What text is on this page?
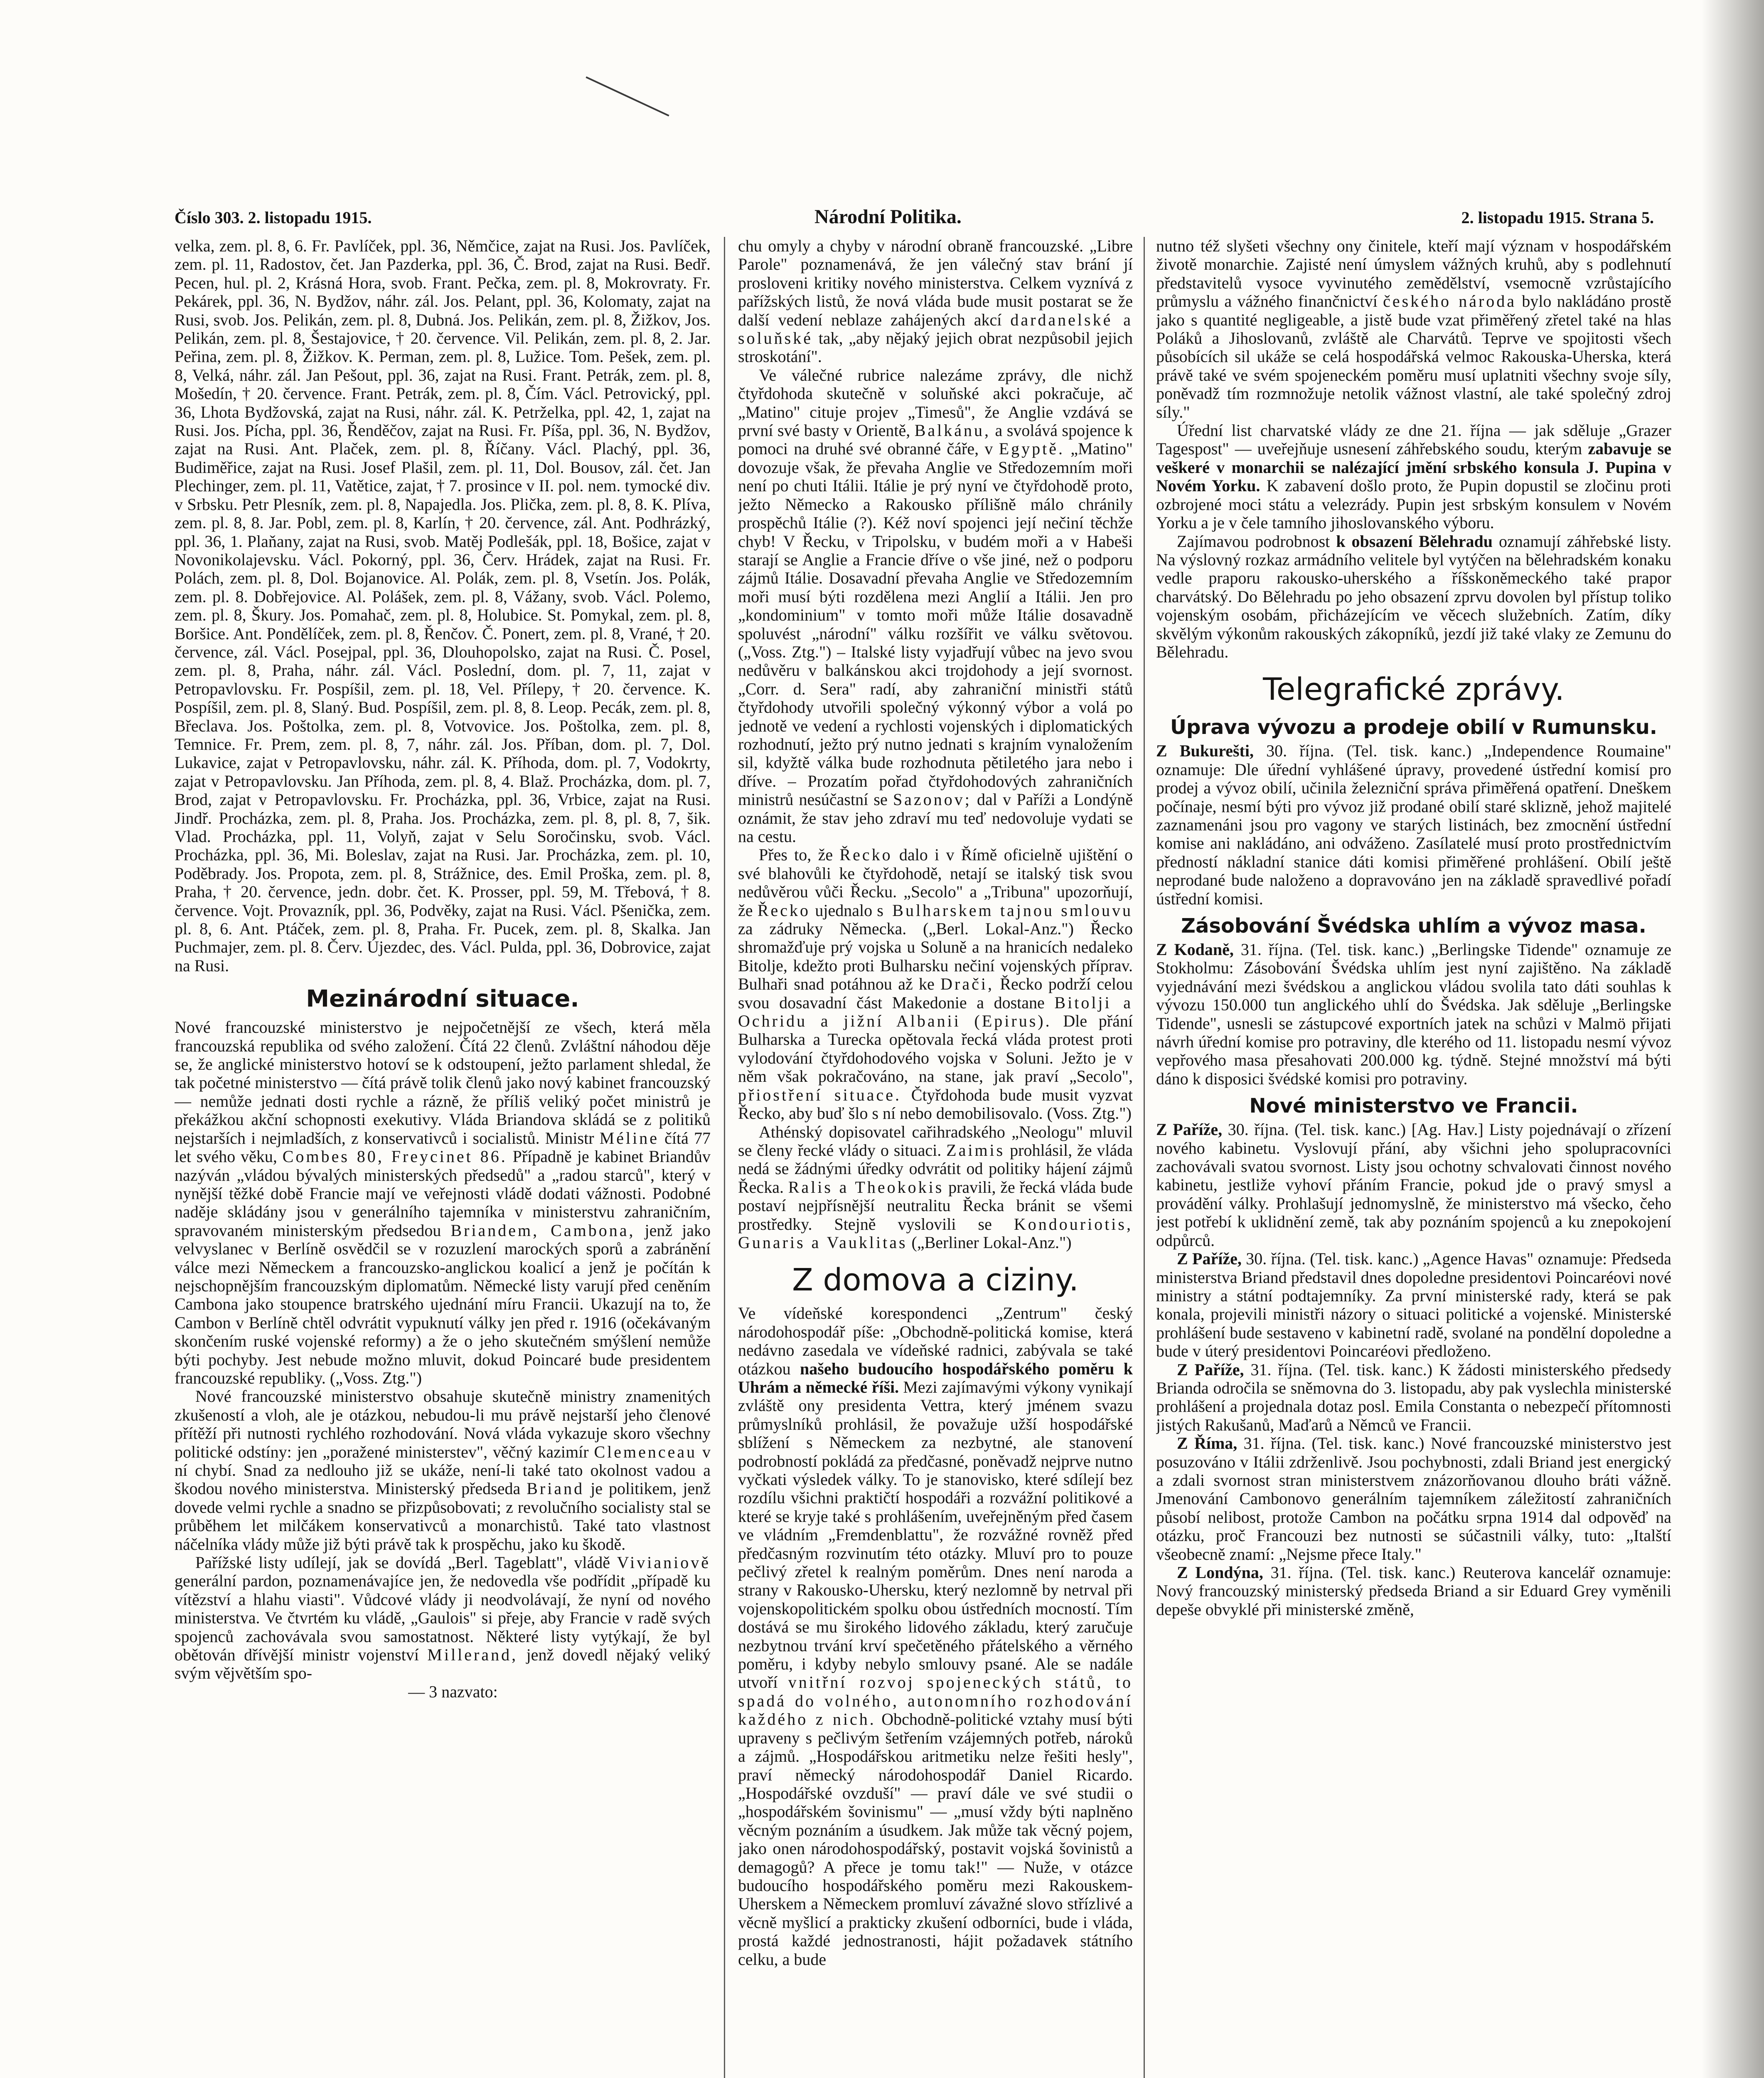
Číslo 303. 2. listopadu 1915.	Národní Politika.	2. listopadu 1915. Strana 5.

velka, zem. pl. 8, 6. Fr. Pavlíček, ppl. 36, Němčice, zajat na Rusi. Jos. Pavlíček, zem. pl. 11, Radostov, čet. Jan Pazderka, ppl. 36, Č. Brod, zajat na Rusi. Bedř. Pecen, hul. pl. 2, Krásná Hora, svob. Frant. Pečka, zem. pl. 8, Mokrovraty. Fr. Pekárek, ppl. 36, N. Bydžov, náhr. zál. Jos. Pelant, ppl. 36, Kolomaty, zajat na Rusi, svob. Jos. Pelikán, zem. pl. 8, Dubná. Jos. Pelikán, zem. pl. 8, Žižkov, Jos. Pelikán, zem. pl. 8, Šestajovice, † 20. července. Vil. Pelikán, zem. pl. 8, 2. Jar. Peřina, zem. pl. 8, Žižkov. K. Perman, zem. pl. 8, Lužice. Tom. Pešek, zem. pl. 8, Velká, náhr. zál. Jan Pešout, ppl. 36, zajat na Rusi. Frant. Petrák, zem. pl. 8, Mošedín, † 20. července. Frant. Petrák, zem. pl. 8, Čím. Václ. Petrovický, ppl. 36, Lhota Bydžovská, zajat na Rusi, náhr. zál. K. Petrželka, ppl. 42, 1, zajat na Rusi. Jos. Pícha, ppl. 36, Řenděčov, zajat na Rusi. Fr. Píša, ppl. 36, N. Bydžov, zajat na Rusi. Ant. Plaček, zem. pl. 8, Říčany. Václ. Plachý, ppl. 36, Budiměřice, zajat na Rusi. Josef Plašil, zem. pl. 11, Dol. Bousov, zál. čet. Jan Plechinger, zem. pl. 11, Vatětice, zajat, † 7. prosince v II. pol. nem. tymocké div. v Srbsku. Petr Plesník, zem. pl. 8, Napajedla. Jos. Plička, zem. pl. 8, 8. K. Plíva, zem. pl. 8, 8. Jar. Pobl, zem. pl. 8, Karlín, † 20. července, zál. Ant. Podhrázký, ppl. 36, 1. Plaňany, zajat na Rusi, svob. Matěj Podlešák, ppl. 18, Bošice, zajat v Novonikolajevsku. Václ. Pokorný, ppl. 36, Červ. Hrádek, zajat na Rusi. Fr. Polách, zem. pl. 8, Dol. Bojanovice. Al. Polák, zem. pl. 8, Vsetín. Jos. Polák, zem. pl. 8. Dobřejovice. Al. Polášek, zem. pl. 8, Vážany, svob. Václ. Polemo, zem. pl. 8, Škury. Jos. Pomahač, zem. pl. 8, Holubice. St. Pomykal, zem. pl. 8, Boršice. Ant. Pondělíček, zem. pl. 8, Řenčov. Č. Ponert, zem. pl. 8, Vrané, † 20. července, zál. Václ. Posejpal, ppl. 36, Dlouhopolsko, zajat na Rusi. Č. Posel, zem. pl. 8, Praha, náhr. zál. Václ. Poslední, dom. pl. 7, 11, zajat v Petropavlovsku. Fr. Pospíšil, zem. pl. 18, Vel. Přílepy, † 20. července. K. Pospíšil, zem. pl. 8, Slaný. Bud. Pospíšil, zem. pl. 8, 8. Leop. Pecák, zem. pl. 8, Břeclava. Jos. Poštolka, zem. pl. 8, Votvovice. Jos. Poštolka, zem. pl. 8, Temnice. Fr. Prem, zem. pl. 8, 7, náhr. zál. Jos. Příban, dom. pl. 7, Dol. Lukavice, zajat v Petropavlovsku, náhr. zál. K. Příhoda, dom. pl. 7, Vodokrty, zajat v Petropavlovsku. Jan Příhoda, zem. pl. 8, 4. Blaž. Procházka, dom. pl. 7, Brod, zajat v Petropavlovsku. Fr. Procházka, ppl. 36, Vrbice, zajat na Rusi. Jindř. Procházka, zem. pl. 8, Praha. Jos. Procházka, zem. pl. 8, pl. 8, 7, šik. Vlad. Procházka, ppl. 11, Volyň, zajat v Selu Soročinsku, svob. Václ. Procházka, ppl. 36, Mi. Boleslav, zajat na Rusi. Jar. Procházka, zem. pl. 10, Poděbrady. Jos. Propota, zem. pl. 8, Strážnice, des. Emil Proška, zem. pl. 8, Praha, † 20. července, jedn. dobr. čet. K. Prosser, ppl. 59, M. Třebová, † 8. července. Vojt. Provazník, ppl. 36, Podvěky, zajat na Rusi. Václ. Pšenička, zem. pl. 8, 6. Ant. Ptáček, zem. pl. 8, Praha. Fr. Pucek, zem. pl. 8, Skalka. Jan Puchmajer, zem. pl. 8. Červ. Újezdec, des. Václ. Pulda, ppl. 36, Dobrovice, zajat na Rusi.

Mezinárodní situace.

Nové francouzské ministerstvo je nejpočetnější ze všech, která měla francouzská republika od svého založení. Čítá 22 členů. Zvláštní náhodou děje se, že anglické ministerstvo hotoví se k odstoupení, ježto parlament shledal, že tak početné ministerstvo — čítá právě tolik členů jako nový kabinet francouzský — nemůže jednati dosti rychle a rázně, že příliš veliký počet ministrů je překážkou akční schopnosti exekutivy. Vláda Briandova skládá se z politiků nejstarších i nejmladších, z konservativců i socialistů. Ministr Méline čítá 77 let svého věku, Combes 80, Freycinet 86. Případně je kabinet Briandův nazýván „vládou bývalých ministerských předsedů" a „radou starců", který v nynější těžké době Francie mají ve veřejnosti vládě dodati vážnosti. Podobné naděje skládány jsou v generálního tajemníka v ministerstvu zahraničním, spravovaném ministerským předsedou Briandem, Cambona, jenž jako velvyslanec v Berlíně osvědčil se v rozuzlení marockých sporů a zabránění válce mezi Německem a francouzsko-anglickou koalicí a jenž je počítán k nejschopnějším francouzským diplomatům. Německé listy varují před ceněním Cambona jako stoupence bratrského ujednání míru Francii. Ukazují na to, že Cambon v Berlíně chtěl odvrátit vypuknutí války jen před r. 1916 (očekávaným skončením ruské vojenské reformy) a že o jeho skutečném smýšlení nemůže býti pochyby. Jest nebude možno mluvit, dokud Poincaré bude presidentem francouzské republiky. („Voss. Ztg.")

Nové francouzské ministerstvo obsahuje skutečně ministry znamenitých zkušeností a vloh, ale je otázkou, nebudou-li mu právě nejstarší jeho členové přítěží při nutnosti rychlého rozhodování. Nová vláda vykazuje skoro všechny politické odstíny: jen „poražené ministerstev", věčný kazimír Clemenceau v ní chybí. Snad za nedlouho již se ukáže, není-li také tato okolnost vadou a škodou nového ministerstva. Ministerský předseda Briand je politikem, jenž dovede velmi rychle a snadno se přizpůsobovati; z revolučního socialisty stal se průběhem let milčákem konservativců a monarchistů. Také tato vlastnost náčelníka vlády může již býti právě tak k prospěchu, jako ku škodě.

Pařížské listy udílejí, jak se dovídá „Berl. Tageblatt", vládě Vivianiově generální pardon, poznamenávajíce jen, že nedovedla vše podřídit „případě ku vítězství a hlahu viasti". Vůdcové vlády ji neodvolávají, že nyní od nového ministerstva. Ve čtvrtém ku vládě, „Gaulois" si přeje, aby Francie v radě svých spojenců zachovávala svou samostatnost. Některé listy vytýkají, že byl obětován dřívější ministr vojenství Millerand, jenž dovedl nějaký veliký svým vějvětším spo-

— 3 nazvato:

chu omyly a chyby v národní obraně francouzské. „Libre Parole" poznamenává, že jen válečný stav brání jí prosloveni kritiky nového ministerstva. Celkem vyznívá z pařížských listů, že nová vláda bude musit postarat se že další vedení neblaze zahájených akcí dardanelské a soluňské tak, „aby nějaký jejich obrat nezpůsobil jejich stroskotání".

Ve válečné rubrice nalezáme zprávy, dle nichž čtyřdohoda skutečně v soluňské akci pokračuje, ač „Matino" cituje projev „Timesů", že Anglie vzdává se první své basty v Orientě, Balkánu, a svolává spojence k pomoci na druhé své obranné čáře, v Egyptě. „Matino" dovozuje však, že převaha Anglie ve Středozemním moři není po chuti Itálii. Itálie je prý nyní ve čtyřdohodě proto, ježto Německo a Rakousko přílišně málo chránily prospěchů Itálie (?). Kéž noví spojenci její nečiní těchže chyb! V Řecku, v Tripolsku, v budém moři a v Habeši starají se Anglie a Francie dříve o vše jiné, než o podporu zájmů Itálie. Dosavadní převaha Anglie ve Středozemním moři musí býti rozdělena mezi Anglií a Itálii. Jen pro „kondominium" v tomto moři může Itálie dosavadně spoluvést „národní" válku rozšířit ve válku světovou. („Voss. Ztg.") – Italské listy vyjadřují vůbec na jevo svou nedůvěru v balkánskou akci trojdohody a její svornost. „Corr. d. Sera" radí, aby zahraniční ministři států čtyřdohody utvořili společný výkonný výbor a volá po jednotě ve vedení a rychlosti vojenských i diplomatických rozhodnutí, ježto prý nutno jednati s krajním vynaložením sil, kdyžtě válka bude rozhodnuta pětiletého jara nebo i dříve. – Prozatím pořad čtyřdohodových zahraničních ministrů nesúčastní se Sazonov; dal v Paříži a Londýně oznámit, že stav jeho zdraví mu teď nedovoluje vydati se na cestu.

Přes to, že Řecko dalo i v Římě oficielně ujištění o své blahovůli ke čtyřdohodě, netají se italský tisk svou nedůvěrou vůči Řecku. „Secolo" a „Tribuna" upozorňují, že Řecko ujednalo s Bulharskem tajnou smlouvu za zádruky Německa. („Berl. Lokal-Anz.") Řecko shromažďuje prý vojska u Soluně a na hranicích nedaleko Bitolje, kdežto proti Bulharsku nečiní vojenských příprav. Bulhaři snad potáhnou až ke Drači, Řecko podrží celou svou dosavadní část Makedonie a dostane Bitolji a Ochridu a jižní Albanii (Epirus). Dle přání Bulharska a Turecka opětovala řecká vláda protest proti vylodování čtyřdohodového vojska v Soluni. Ježto je v něm však pokračováno, na stane, jak praví „Secolo", přiostření situace. Čtyřdohoda bude musit vyzvat Řecko, aby buď šlo s ní nebo demobilisovalo. (Voss. Ztg.")

Athénský dopisovatel cařihradského „Neologu" mluvil se členy řecké vlády o situaci. Zaimis prohlásil, že vláda nedá se žádnými úředky odvrátit od politiky hájení zájmů Řecka. Ralis a Theokokis pravili, že řecká vláda bude postaví nejpřísnější neutralitu Řecka bránit se všemi prostředky. Stejně vyslovili se Kondouriotis, Gunaris a Vauklitas („Berliner Lokal-Anz.")

Z domova a ciziny.

Ve vídeňské korespondenci „Zentrum" český národohospodář píše: „Obchodně-politická komise, která nedávno zasedala ve vídeňské radnici, zabývala se také otázkou našeho budoucího hospodářského poměru k Uhrám a německé říši. Mezi zajímavými výkony vynikají zvláště ony presidenta Vettra, který jménem svazu průmyslníků prohlásil, že považuje užší hospodářské sblížení s Německem za nezbytné, ale stanovení podrobností pokládá za předčasné, poněvadž nejprve nutno vyčkati výsledek války. To je stanovisko, které sdílejí bez rozdílu všichni praktičtí hospodáři a rozvážní politikové a které se kryje také s prohlášením, uveřejněným před časem ve vládním „Fremdenblattu", že rozvážné rovněž před předčasným rozvinutím této otázky. Mluví pro to pouze pečlivý zřetel k realným poměrům. Dnes není naroda a strany v Rakousko-Uhersku, který nezlomně by netrval při vojenskopolitickém spolku obou ústředních mocností. Tím dostává se mu širokého lidového základu, který zaručuje nezbytnou trvání krví spečetěného přátelského a věrného poměru, i kdyby nebylo smlouvy psané. Ale se nadále utvoří vnitřní rozvoj spojeneckých států, to spadá do volného, autonomního rozhodování každého z nich. Obchodně-politické vztahy musí býti upraveny s pečlivým šetřením vzájemných potřeb, nároků a zájmů. „Hospodářskou aritmetiku nelze řešiti hesly", praví německý národohospodář Daniel Ricardo. „Hospodářské ovzduší" — praví dále ve své studii o „hospodářském šovinismu" — „musí vždy býti naplněno věcným poznáním a úsudkem. Jak může tak věcný pojem, jako onen národohospodářský, postavit vojská šovinistů a demagogů? A přece je tomu tak!" — Nuže, v otázce budoucího hospodářského poměru mezi Rakouskem-Uherskem a Německem promluví závažné slovo střízlivé a věcně myšlicí a prakticky zkušení odborníci, bude i vláda, prostá každé jednostranosti, hájit požadavek státního celku, a bude

nutno též slyšeti všechny ony činitele, kteří mají význam v hospodářském životě monarchie. Zajisté není úmyslem vážných kruhů, aby s podlehnutí představitelů vysoce vyvinutého zemědělství, vsemocně vzrůstajícího průmyslu a vážného finančnictví českého národa bylo nakládáno prostě jako s quantité negligeable, a jistě bude vzat přiměřený zřetel také na hlas Poláků a Jihoslovanů, zvláště ale Charvátů. Teprve ve spojitosti všech působících sil ukáže se celá hospodářská velmoc Rakouska-Uherska, která právě také ve svém spojeneckém poměru musí uplatniti všechny svoje síly, poněvadž tím rozmnožuje netolik vážnost vlastní, ale také společný zdroj síly."

Úřední list charvatské vlády ze dne 21. října — jak sděluje „Grazer Tagespost" — uveřejňuje usnesení záhřebského soudu, kterým zabavuje se veškeré v monarchii se nalézající jmění srbského konsula J. Pupina v Novém Yorku. K zabavení došlo proto, že Pupin dopustil se zločinu proti ozbrojené moci státu a velezrády. Pupin jest srbským konsulem v Novém Yorku a je v čele tamního jihoslovanského výboru.

Zajímavou podrobnost k obsazení Bělehradu oznamují záhřebské listy. Na výslovný rozkaz armádního velitele byl vytýčen na bělehradském konaku vedle praporu rakousko-uherského a říšskoněmeckého také prapor charvátský. Do Bělehradu po jeho obsazení zprvu dovolen byl přístup toliko vojenským osobám, přicházejícím ve věcech služebních. Zatím, díky skvělým výkonům rakouských zákopníků, jezdí již také vlaky ze Zemunu do Bělehradu.

Telegrafické zprávy.
Úprava vývozu a prodeje obilí v Rumunsku.

Z Bukurešti, 30. října. (Tel. tisk. kanc.) „Independence Roumaine" oznamuje: Dle úřední vyhlášené úpravy, provedené ústřední komisí pro prodej a vývoz obilí, učinila železniční správa přiměřená opatření. Dneškem počínaje, nesmí býti pro vývoz již prodané obilí staré sklizně, jehož majitelé zaznamenáni jsou pro vagony ve starých listinách, bez zmocnění ústřední komise ani nakládáno, ani odváženo. Zasílatelé musí proto prostřednictvím předností nákladní stanice dáti komisi přiměřené prohlášení. Obilí ještě neprodané bude naloženo a dopravováno jen na základě spravedlivé pořadí ústřední komisi.

Zásobování Švédska uhlím a vývoz masa.

Z Kodaně, 31. října. (Tel. tisk. kanc.) „Berlingske Tidende" oznamuje ze Stokholmu: Zásobování Švédska uhlím jest nyní zajištěno. Na základě vyjednávání mezi švédskou a anglickou vládou svolila tato dáti souhlas k vývozu 150.000 tun anglického uhlí do Švédska. Jak sděluje „Berlingske Tidende", usnesli se zástupcové exportních jatek na schůzi v Malmö přijati návrh úřední komise pro potraviny, dle kterého od 11. listopadu nesmí vývoz vepřového masa přesahovati 200.000 kg. týdně. Stejné množství má býti dáno k disposici švédské komisi pro potraviny.

Nové ministerstvo ve Francii.

Z Paříže, 30. října. (Tel. tisk. kanc.) [Ag. Hav.] Listy pojednávají o zřízení nového kabinetu. Vyslovují přání, aby všichni jeho spolupracovníci zachovávali svatou svornost. Listy jsou ochotny schvalovati činnost nového kabinetu, jestliže vyhoví přáním Francie, pokud jde o pravý smysl a provádění války. Prohlašují jednomyslně, že ministerstvo má všecko, čeho jest potřebí k uklidnění země, tak aby poznáním spojenců a ku znepokojení odpůrců.

Z Paříže, 30. října. (Tel. tisk. kanc.) „Agence Havas" oznamuje: Předseda ministerstva Briand představil dnes dopoledne presidentovi Poincaréovi nové ministry a státní podtajemníky. Za první ministerské rady, která se pak konala, projevili ministři názory o situaci politické a vojenské. Ministerské prohlášení bude sestaveno v kabinetní radě, svolané na pondělní dopoledne a bude v úterý presidentovi Poincaréovi předloženo.

Z Paříže, 31. října. (Tel. tisk. kanc.) K žádosti ministerského předsedy Brianda odročila se sněmovna do 3. listopadu, aby pak vyslechla ministerské prohlášení a projednala dotaz posl. Emila Constanta o nebezpečí přítomnosti jistých Rakušanů, Maďarů a Němců ve Francii.

Z Říma, 31. října. (Tel. tisk. kanc.) Nové francouzské ministerstvo jest posuzováno v Itálii zdrženlivě. Jsou pochybnosti, zdali Briand jest energický a zdali svornost stran ministerstvem znázorňovanou dlouho bráti vážně. Jmenování Cambonovo generálním tajemníkem záležitostí zahraničních působí nelibost, protože Cambon na počátku srpna 1914 dal odpověď na otázku, proč Francouzi bez nutnosti se súčastnili války, tuto: „Italští všeobecně znamí: „Nejsme přece Italy."

Z Londýna, 31. října. (Tel. tisk. kanc.) Reuterova kancelář oznamuje: Nový francouzský ministerský předseda Briand a sir Eduard Grey vyměnili depeše obvyklé při ministerské změně,
